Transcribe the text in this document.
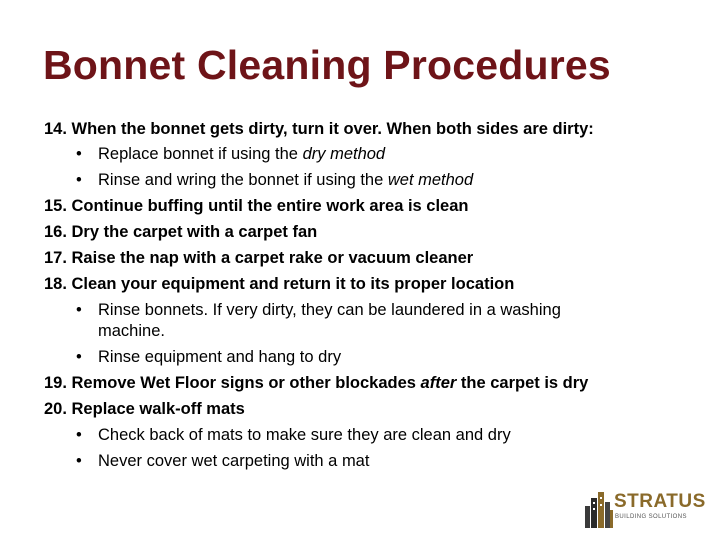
Bonnet Cleaning Procedures
14. When the bonnet gets dirty, turn it over. When both sides are dirty:
• Replace bonnet if using the dry method
• Rinse and wring the bonnet if using the wet method
15. Continue buffing until the entire work area is clean
16. Dry the carpet with a carpet fan
17. Raise the nap with a carpet rake or vacuum cleaner
18. Clean your equipment and return it to its proper location
• Rinse bonnets. If very dirty, they can be laundered in a washing
machine.
• Rinse equipment and hang to dry
19. Remove Wet Floor signs or other blockades after the carpet is dry
20. Replace walk-off mats
• Check back of mats to make sure they are clean and dry
• Never cover wet carpeting with a mat
STRATUS
BUILDING SOLUTIONS
